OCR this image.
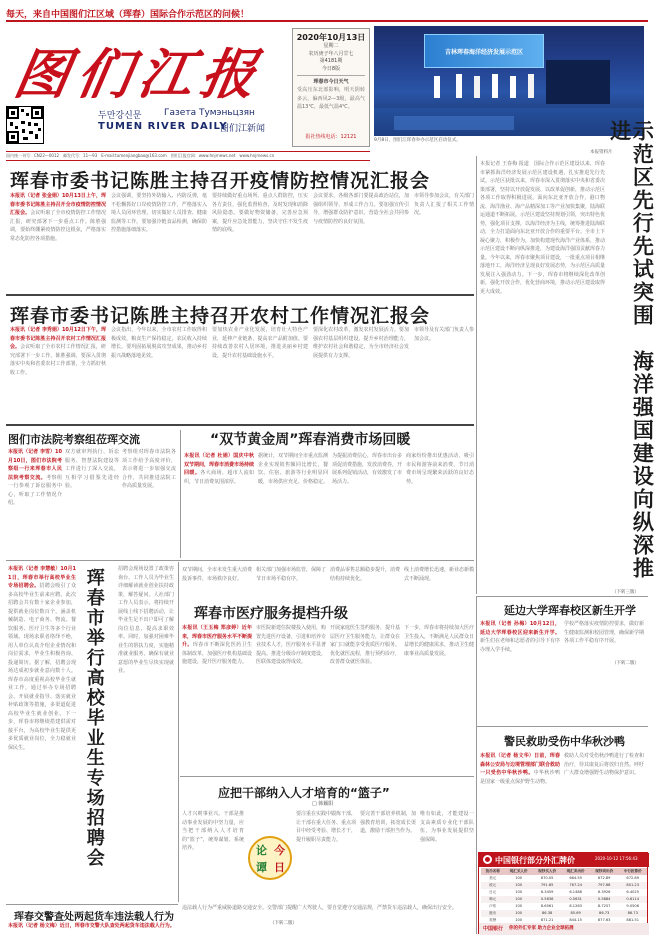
每天，来自中国图们江区域（珲春）国际合作示范区的问候！
图们江报
두만강신문	Газета Тумэньцзян
TUMEN RIVER DAILY
图们江新闻
2020年10月13日
星期二
农历庚子年八月廿七
第4181期
今日8版
珲春市今日天气
受高压东北部影响，明天阴转多云，偏西风2—3级，最高气温13℃，最低气温4℃。
报社热线电话：12121
国内统一刊号：CN22—0012　邮发代号：11—93　E-mail:tumenjiangbao@163.com　图们江报官网：www.hnjrnews.net　www.hnjrnews.cn
吉林珲春海洋经济发展示范区
9月8日，图们江珲春举办示范区启动仪式。
本报资料片
本报记者 王春梅 报道　国际合作示范区建设以来，珲春市紧抓海洋经济发展示范区建设机遇，扎实推进先行先试。示范区获批以来，珲春市深入贯彻落实中央和省委决策部署，坚持以开放促发展、以改革促创新，推动示范区各项工作取得积极进展。面向东北亚开放合作，港口物流、海洋渔业、海产品精深加工等产业加快集聚，陆海联运通道不断拓展。示范区建设坚持规划引领，突出特色优势，强化项目支撑，以海洋经济为主线，统筹推进陆海联动，全力打造面向东北亚开放合作的重要平台。全市上下凝心聚力，积极作为，加快构建现代海洋产业体系，推动示范区建设不断向纵深推进，为建设海洋强国贡献珲春力量。今年以来，珲春市聚焦项目建设，一批重点项目相继落地开工，海洋经济呈现良好发展态势，为示范区高质量发展注入强劲动力。下一步，珲春市将继续深化改革创新，强化开放合作，优化营商环境，推动示范区建设取得更大成效。	示范区先行先试突围　海洋强国建设向纵深推进
（下转三版）
珲春市委书记陈胜主持召开疫情防控情况汇报会
本报讯（记者 张金娟）10月13日上午，珲春市委书记陈胜主持召开全市疫情防控情况汇报会。会议听取了全市疫情防控工作情况汇报，研究部署下一步重点工作。陈胜强调，要始终绷紧疫情防控这根弦，严格落实常态化防控各项措施。
会议强调，要坚持外防输入、内防反弹，毫不松懈抓好口岸疫情防控工作，严格落实入境人员闭环管理，切实做好人员排查、健康监测等工作。要加强冷链食品检测，确保防控措施落细落实。
要持续做好重点场所、重点人群防控，压实各方责任，强化监督检查，及时发现和消除风险隐患。要做好物资储备，完善应急预案，提升应急处置能力，坚决守住不发生疫情的底线。
会议要求，各级各部门要提高政治站位，加强组织领导，形成工作合力。要加强宣传引导，增强群众防护意识，营造全社会共同参与疫情防控的良好氛围。
市领导参加会议，有关部门负责人汇报了相关工作情况。
珲春市委书记陈胜主持召开农村工作情况汇报会
本报讯（记者 李秀娟）10月12日下午，珲春市委书记陈胜主持召开农村工作情况汇报会。会议听取了全市农村工作情况汇报，研究部署下一步工作。陈胜强调，要深入贯彻落实中央和省委农村工作部署，全力抓好秋收工作。
会议指出，今年以来，全市农村工作取得积极成效，粮食生产保持稳定，农民收入持续增长。要巩固拓展脱贫攻坚成果，推动乡村振兴战略落地见效。
要加快农业产业化发展，培育壮大特色产业，延伸产业链条，提高农产品附加值。要持续改善农村人居环境，推进美丽乡村建设，提升农村基础设施水平。
要深化农村改革，激发农村发展活力。要加强农村基层组织建设，提升乡村治理能力，维护农村社会和谐稳定，为全市经济社会发展提供有力支撑。
市领导及有关部门负责人参加会议。
图们市法院考察组莅珲交流
本报讯（记者 李雪）10月10日，图们市法院考察组一行来珲春市人民法院考察交流。考察组一行参观了诉讼服务中心，听取了工作情况介绍。
双方就审判执行、诉讼服务、智慧法院建设等工作进行了深入交流，互相学习借鉴先进经验。
考察组对珲春市法院各项工作给予高度评价，表示将进一步加强交流合作，共同推进法院工作高质量发展。
“双节黄金周”珲春消费市场回暖
本报讯（记者 杜娟）国庆中秋双节期间，珲春市消费市场持续回暖。各大商场、超市人流如织，节日消费氛围浓厚。
据统计，双节期间全市重点监测企业实现销售额同比增长，餐饮、住宿、旅游等行业明显回暖，市场供应充足、价格稳定。
为提振消费信心，珲春市出台多项促消费措施，发放消费券，开展系列促销活动，有效激发了市场活力。
商家纷纷推出优惠活动，吸引市民和游客前来消费，节日消费市场呈现繁荣活跃的良好态势。
本报讯（记者 李慧敏）10月11日，珲春市举行高校毕业生专场招聘会。招聘会吸引了众多高校毕业生前来应聘。此次招聘会共有数十家企业参加，提供就业岗位数百个，涵盖机械制造、电子商务、物流、餐饮服务、医疗卫生等多个行业领域。现场求职者络绎不绝，用人单位认真介绍企业情况和岗位需求，毕业生积极咨询、投递简历。据了解，招聘会现场达成初步就业意向数十人。珲春市高度重视高校毕业生就业工作，通过举办专场招聘会、开展就业指导、落实就业补贴政策等措施，多渠道促进高校毕业生就业创业。下一步，珲春市将继续搭建供需对接平台，为高校毕业生提供更多优质就业岗位，全力稳就业保民生。	珲春市举行高校毕业生专场招聘会	招聘会现场设置了政策咨询台，工作人员为毕业生详细解读就业创业扶持政策，解答疑问。人社部门工作人员表示，将持续开展线上线下招聘活动，让毕业生足不出户即可了解岗位信息，提高求职效率。同时，加强对困难毕业生的帮扶力度，实施精准就业服务，确保有就业意愿的毕业生尽快实现就业。
珲春市医疗服务提档升级
双节期间，全市未发生重大消费投诉事件，市场秩序良好。
相关部门加强市场监管，保障了节日市场平稳有序。
消费品零售总额稳步提升，消费结构持续优化。
线上消费增长迅速，新业态新模式不断涌现。
本报讯（王玉梅 郑彦婷）近年来，珲春市医疗服务水平不断提升。珲春市不断深化医药卫生体制改革，加强医疗机构基础设施建设，提升医疗服务能力。
市医院新建住院楼投入使用，购置先进医疗设备，引进和培养专业技术人才，医疗服务水平显著提高。推进分级诊疗制度建设，医联体建设取得成效。
开展家庭医生签约服务，提升基层医疗卫生服务能力，让群众在家门口就能享受优质医疗服务。优化就医流程，推行预约诊疗，改善群众就医体验。
下一步，珲春市将持续加大医疗卫生投入，不断满足人民群众日益增长的健康需求，推动卫生健康事业高质量发展。
应把干部纳入人才培育的“篮子”
□ 韩颖阳
人才兴则事业兴。干部是推动事业发展的中坚力量，应当把干部纳入人才培育的“篮子”，统筹谋划、系统培养。	论 今
日
谭
要注重在实践中锻炼干部，让干部在重大任务、重点项目中经受考验、增长才干，提升履职尽责能力。
要完善干部培养机制，加强教育培训，拓宽成长渠道，激励干部担当作为。
唯有如此，才能建设一支高素质专业化干部队伍，为事业发展提供坚强保障。
珲春交警查处两起货车违法载人行为
本报讯（记者 杨文梅）近日，珲春市交警大队查处两起货车违法载人行为。	（下转二版）
违法载人行为严重威胁道路交通安全。交警部门提醒广大驾驶人，要自觉遵守交通法规，严禁货车违法载人，确保出行安全。
延边大学珲春校区新生开学
本报讯（记者 孙梅）10月12日，延边大学珲春校区迎来新生开学。新生们在老师和志愿者的引导下有序办理入学手续。
学校严格落实疫情防控要求，做好新生健康监测和校园管理，确保新学期各项工作平稳有序开展。
警民救助受伤中华秋沙鸭
本报讯（记者 杨文华）日前，珲春森林公安局与边境管理部门联合救助一只受伤中华秋沙鸭。中华秋沙鸭是国家一级重点保护野生动物。
救助人员对受伤秋沙鸭进行了检查和治疗，待其康复后将放归自然。呼吁广大群众增强野生动物保护意识。
中国银行部分外汇牌价	2020-10-12 17:56:43
货币名称	现汇买入价	现钞买入价	现汇卖出价	现钞卖出价	中行折算价
美元	100	670.05	664.59	672.89	672.89
欧元	100	791.85	767.24	797.68	801.23
日元	100	6.3459	6.1488	6.3926	6.4025
韩元	100	0.5836	0.5631	0.5884	0.6114
卢布	100	8.6561	8.1263	8.7257	9.0506
港币	100	86.38	85.69	86.73	86.73
英镑	100	871.21	844.15	877.63	881.51
中国银行 你的外汇专家 助力企业全球拓展
（下转二版）
